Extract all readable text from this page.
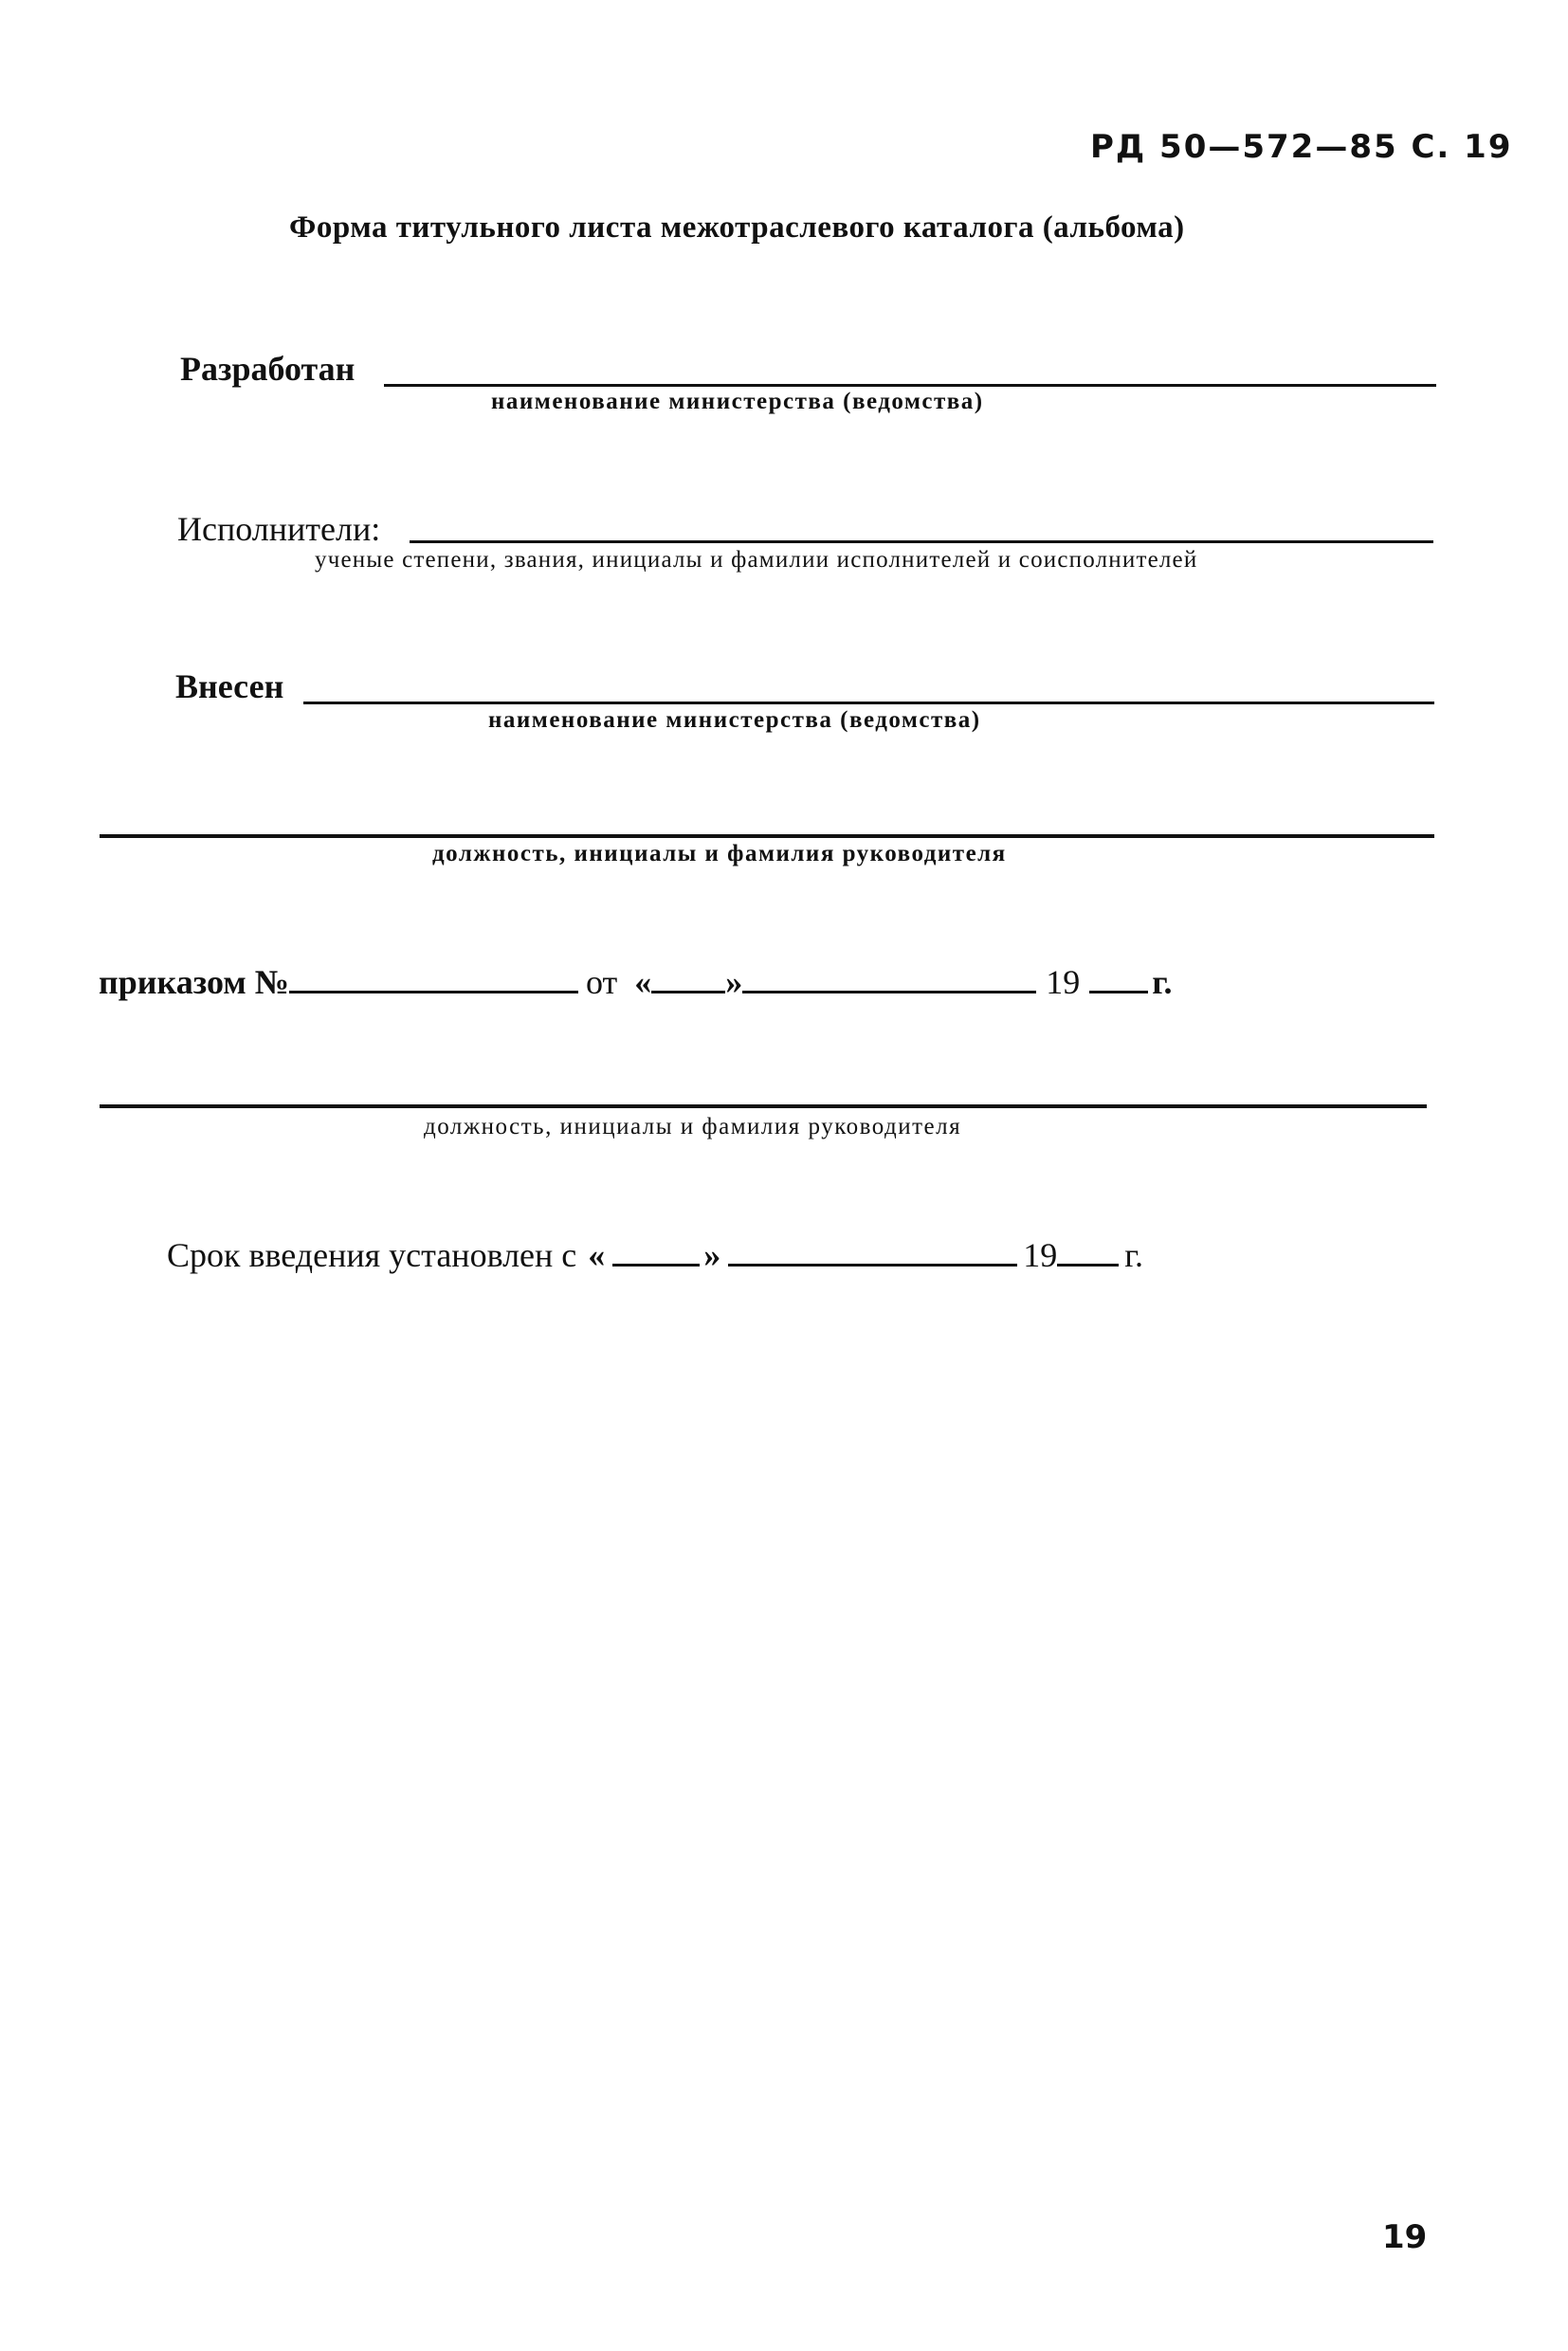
РД 50—572—85 С. 19
Форма титульного листа межотраслевого каталога (альбома)
Разработан
наименование министерства (ведомства)
Исполнители:
ученые степени, звания, инициалы и фамилии исполнителей и соисполнителей
Внесен
наименование министерства (ведомства)
должность, инициалы и фамилия руководителя
приказом №	от « »	19 г.
должность, инициалы и фамилия руководителя
Срок введения установлен с «	»	19 г.
19
